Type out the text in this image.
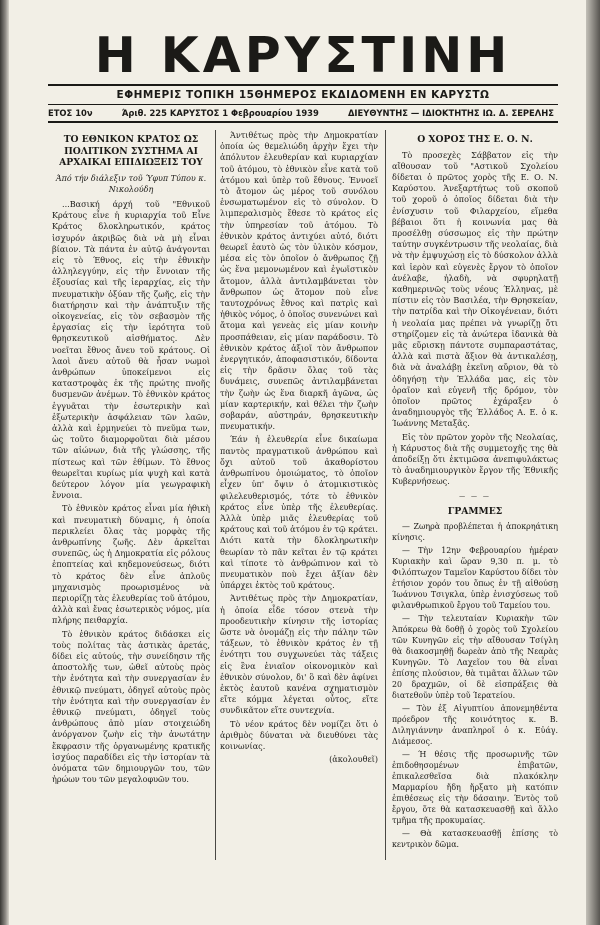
Η ΚΑΡΥΣΤΙΝΗ
ΕΦΗΜΕΡΙΣ ΤΟΠΙΚΗ 15ΘΗΜΕΡΟΣ ΕΚΔΙΔΟΜΕΝΗ ΕΝ ΚΑΡΥΣΤΩ
ΕΤΟΣ 10ν	Άριθ. 225 ΚΑΡΥΣΤΟΣ 1 Φεβρουαρίου 1939	ΔΙΕΥΘΥΝΤΗΣ — ΙΔΙΟΚΤΗΤΗΣ ΙΩ. Δ. ΣΕΡΕΛΗΣ
ΤΟ ΕΘΝΙΚΟΝ ΚΡΑΤΟΣ ΩΣ ΠΟΛΙΤΙΚΟΝ ΣΥΣΤΗΜΑ ΑΙ ΑΡΧΑΙΚΑΙ ΕΠΙΔΙΩΞΕΙΣ ΤΟΥ
Άπό τήν διάλεξιν τοῦ Ύφυπ Τύπου κ. Νικολούδη

...Βασική άρχή τοῦ "Εθνικοῦ Κράτους εἶνε ἡ κυριαρχία τοῦ Εἶνε Κράτος δλοκληρωτικόν, κράτος ἰσχυρόν ἀκριβῶς διὰ νὰ μὴ εἶναι βίαιον. Τὰ πάντα ἐν αὐτῷ ἀνάγονται εἰς τὸ Έθνος, εἰς τὴν ἐθνικὴν ἀλληλεγγύην, εἰς τὴν ἔννοιαν τῆς ἐξουσίας καὶ τῆς ἱεραρχίας, εἰς τὴν πνευματικὴν ὀξύαν τῆς ζωῆς, εἰς τὴν διατήρησιν καὶ τὴν ἀνάπτυξιν τῆς οἰκογενείας, εἰς τὸν σεβασμὸν τῆς ἐργασίας εἰς τὴν ἱερότητα τοῦ θρησκευτικοῦ αἰσθήματος. Δὲν νοεῖται ἔθνος ἄνευ τοῦ κράτους. Οἱ λαοὶ ἄνευ αὐτοῦ θὰ ἦσαν νωμοὶ ἀνθρώπων ὑποκείμενοι εἰς καταστροφὰς ἐκ τῆς πρώτης πνοῆς δυσμενῶν ἀνέμων. Τὸ ἐθνικὸν κράτος ἐγγυᾶται τὴν ἐσωτερικὴν καὶ ἐξωτερικὴν ἀσφάλειαν τῶν λαῶν, ἀλλὰ καὶ ἑρμηνεύει τὸ πνεῦμα των, ὡς τοῦτο διαμορφοῦται διὰ μέσου τῶν αἰώνων, διὰ τῆς γλώσσης, τῆς πίστεως καὶ τῶν ἐθίμων. Τὸ ἔθνος θεωρεῖται κυρίως μία ψυχὴ καὶ κατὰ δεύτερον λόγον μία γεωγραφικὴ ἔννοια.

Τὸ ἐθνικὸν κράτος εἶναι μία ἠθικὴ καὶ πνευματικὴ δύναμις, ἡ ὁποία περικλείει ὅλας τὰς μορφὰς τῆς ἀνθρωπίνης ζωῆς. Δὲν ἀρκεῖται συνεπῶς, ὡς ἡ Δημοκρατία εἰς ρόλους ἐποπτείας καὶ κηδεμονεύσεως, διότι τὸ κράτος δὲν εἶνε ἁπλοῦς μηχανισμὸς προωρισμένος νὰ περιορίζῃ τὰς ἐλευθερίας τοῦ ἀτόμου, ἀλλὰ καὶ ἔνας ἐσωτερικὸς νόμος, μία πλήρης πειθαρχία.

Τὸ ἐθνικὸν κράτος διδάσκει εἰς τοὺς πολίτας τὰς ἀστικὰς ἀρετάς, δίδει εἰς αὐτούς, τὴν συνείδησιν τῆς ἀποστολῆς των, ὡθεῖ αὐτοὺς πρὸς τὴν ἑνότητα καὶ τὴν συνεργασίαν ἐν ἐθνικῷ πνεύματι, ὁδηγεῖ αὐτοὺς πρὸς τὴν ἑνότητα καὶ τὴν συνεργασίαν ἐν ἐθνικῷ πνεύματι, ὁδηγεῖ τοὺς ἀνθρώπους ἀπὸ μίαν στοιχειώδη ἀνόργανον ζωὴν εἰς τὴν ἀνωτάτην ἔκφρασιν τῆς ὀργανωμένης κρατικῆς ἰσχύος παραδίδει εἰς τὴν ἱστορίαν τὰ ὀνόματα τῶν δημιουργῶν του, τῶν ἡρώων του τῶν μεγαλοφυῶν του.

Άντιθέτως πρὸς τὴν Δημοκρατίαν ὁποία ὡς θεμελιώδη ἀρχὴν ἔχει τὴν ἀπόλυτον ἐλευθερίαν καὶ κυριαρχίαν τοῦ ἀτόμου, τὸ ἐθνικὸν εἶνε κατὰ τοῦ ἀτόμου καὶ ὑπὲρ τοῦ ἔθνους. Έννοεῖ τὸ ἄτομον ὡς μέρος τοῦ συνόλου ἐνσωματωμένον εἰς τὸ σύνολον. Ό λιμπεραλισμὸς ἔθεσε τὸ κράτος εἰς τὴν ὑπηρεσίαν τοῦ ἀτόμου. Τὸ ἐθνικὸν κράτος ἀντιχύει αὐτό, διότι θεωρεῖ ἑαυτὸ ὡς τὸν ὑλικὸν κόσμον, μέσα εἰς τὸν ὁποῖον ὁ ἄνθρωπος ζῇ ὡς ἕνα μεμονωμένον καὶ ἐγωϊστικὸν ἄτομον, ἀλλὰ ἀντιλαμβάνεται τὸν ἄνθρωπον ὡς ἄτομον ποὺ εἶνε ταυτοχρόνως ἔθνος καὶ πατρὶς καὶ ἠθικὸς νόμος, ὁ ὁποῖος συνενώνει καὶ ἄτομα καὶ γενεὰς εἰς μίαν κοινὴν προσπάθειαν, εἰς μίαν παράδοσιν. Τὸ ἐθνικὸν κράτος ἀξιοῖ τὸν ἄνθρωπον ἐνεργητικόν, ἀποφασιστικόν, δίδοντα εἰς τὴν δρᾶσιν ὅλας τοῦ τὰς δυνάμεις, συνεπῶς ἀντιλαμβάνεται τὴν ζωὴν ὡς ἕνα διαρκῆ ἀγῶνα, ὡς μίαν καρτερικήν, καὶ θέλει τὴν ζωὴν σοβαράν, αὐστηράν, θρησκευτικὴν πνευματικήν.

Έάν ἡ ἐλευθερία εἶνε δικαίωμα παντὸς πραγματικοῦ ἀνθρώπου καὶ ὄχι αὐτοῦ τοῦ ἀκαθορίστου ἀνθρωπίνου ὁμοιώματος, τὸ ὁποῖον εἶχεν ὑπ' ὄψιν ὁ ἀτομικιστικὸς φιλελευθερισμός, τότε τὸ ἐθνικὸν κράτος εἶνε ὑπὲρ τῆς ἐλευθερίας. Άλλὰ ὑπὲρ μιᾶς ἐλευθερίας τοῦ κράτους καὶ τοῦ ἀτόμου ἐν τῷ κράτει. Διότι κατὰ τὴν δλοκληρωτικὴν θεωρίαν τὸ πᾶν κεῖται ἐν τῷ κράτει καὶ τίποτε τὸ ἀνθρώπινον καὶ τὸ πνευματικὸν ποὺ ἔχει ἀξίαν δὲν ὑπάρχει ἐκτὸς τοῦ κράτους.

Άντιθέτως πρὸς τὴν Δημοκρατίαν, ἡ ὁποία εἶδε τόσον στενὰ τὴν προοδευτικὴν κίνησιν τῆς ἱστορίας ὥστε νὰ ὀνομάζῃ εἰς τὴν πάλην τῶν τάξεων, τὸ ἐθνικὸν κράτος ἐν τῇ ἑνότητι του συγχωνεύει τὰς τάξεις εἰς ἓνα ἑνιαῖον οἰκονομικὸν καὶ ἐθνικὸν σύνολον, δι' ὃ καὶ δὲν ἀφίνει ἐκτὸς ἑαυτοῦ κανένα σχηματισμὸν εἴτε κόμμα λέγεται οὗτος, εἴτε συνδικᾶτον εἴτε συντεχνία.

Τὸ νέον κράτος δὲν νομίζει ὅτι ὁ ἀριθμὸς δύναται νὰ διευθύνει τὰς κοινωνίας.

(ἀκολουθεῖ)

Ο ΧΟΡΟΣ ΤΗΣ Ε. Ο. Ν.

Τὸ προσεχὲς Σάββατον εἰς τὴν αἴθουσαν τοῦ "Αστικοῦ Σχολείου δίδεται ὁ πρῶτος χορὸς τῆς Ε. Ο. Ν. Καρύστου. Άνεξαρτήτως τοῦ σκοποῦ τοῦ χοροῦ ὁ ὁποῖος δίδεται διὰ τὴν ἐνίσχυσιν τοῦ Φιλαρχείου, εἴμεθα βέβαιοι ὅτι ἡ κοινωνία μας θὰ προσέλθῃ σύσσωμος εἰς τὴν πρώτην ταύτην συγκέντρωσιν τῆς νεολαίας, διὰ νὰ τὴν ἐμψυχώσῃ εἰς τὸ δύσκολον ἀλλὰ καὶ ἱερὸν καὶ εὐγενὲς ἔργον τὸ ὁποῖον ἀνέλαβε, ἠλαδὴ, νὰ σφυρηλατῇ καθημερινῶς τοὺς νέους Έλληνας, μὲ πίστιν εἰς τὸν Βασιλέα, τὴν Θρησκείαν, τὴν πατρίδα καὶ τὴν Οἰκογένειαν, διότι ἡ νεολαία μας πρέπει νὰ γνωρίζῃ ὅτι στηρίζομεν εἰς τὰ ἀνώτερα ἰδανικὰ θὰ μᾶς εὕρισκῃ πάντοτε συμπαραστάτας, ἀλλὰ καὶ πιστὰ ἄξιον θὰ ἀντικαλέσῃ, διὰ νὰ ἀναλάβῃ ἐκεῖνη αὔριον, θὰ τὸ ὁδηγήσῃ τὴν Έλλάδα μας, εἰς τὸν ὁραῖον καὶ εὐγενῆ τῆς δρόμον, τὸν ὁποῖον πρῶτος ἐχάραξεν ὁ ἀναδημιουργὸς τῆς Έλλάδος Α. Ε. ὁ κ. Ίωάννης Μεταξᾶς.

Εἰς τὸν πρῶτον χορὸν τῆς Νεολαίας, ἡ Κάρυστος διὰ τῆς συμμετοχῆς της θὰ ἀποδείξῃ ὅτι ἐκτιμῶσα ἀνεπιφυλάκτως τὸ ἀναδημιουργικὸν ἔργον τῆς Έθνικῆς Κυβερνήσεως.

— — —
ΓΡΑΜΜΕΣ

— Ζωηρὰ προβλέπεται ἡ ἀποκρηάτικη κίνησις.

— Τὴν 12ην Φεβρουαρίου ἡμέραν Κυριακὴν καὶ ὥραν 9,30 π. μ. τὸ Φιλόπτωχον Ταμεῖον Καρύστου δίδει τὸν ἐτήσιον χορόν του ὅπως ἐν τῇ αἰθούσῃ Ίωάννου Τσιγκλα, ὑπὲρ ἐνισχύσεως τοῦ φιλανθρωπικοῦ ἔργου τοῦ Ταμείου του.

— Τὴν τελευταίαν Κυριακὴν τῶν Άπόκρεω θὰ δοθῇ ὁ χορὸς τοῦ Σχολείου τῶν Κυνηγῶν εἰς τὴν αἴθουσαν Τσίγλη θὰ διακοσμηθῇ δωρεὰν ἀπὸ τῆς Νεαρὰς Κυνηγῶν. Τὸ Λαχεῖον του θὰ εἶναι ἐπίσης πλούσιον, θὰ τιμᾶται ἄλλων τῶν 20 δραχμῶν, οἱ δὲ εἰσπράξεις θὰ διατεθοῦν ὑπὲρ τοῦ Ίερατείου.

— Τὸν ἐξ Αἰγυπτίου ἀπονεμηθέντα πρόεδρον τῆς κοινότητος κ. Β. Διληγιάννην ἀναπληροῖ ὁ κ. Εὐάγ. Διάμεσος.

— Ή θέσις τῆς προσωρινῆς τῶν ἐπιδοθησομένων ἐπιβατῶν, ἐπικαλεσθεῖσα διὰ πλακόκλην Μαρμαρίου ἤδη ἤρξατο μὴ κατόπιν ἐπιθέσεως εἰς τὴν δάσαιην. Έντὸς τοῦ ἔργου, ὅτε θὰ κατασκευασθῇ καὶ ἄλλο τμῆμα τῆς προκυμαίας.

— Θὰ κατασκευασθῇ ἐπίσης τὸ κεντρικὸν δῶμα.
